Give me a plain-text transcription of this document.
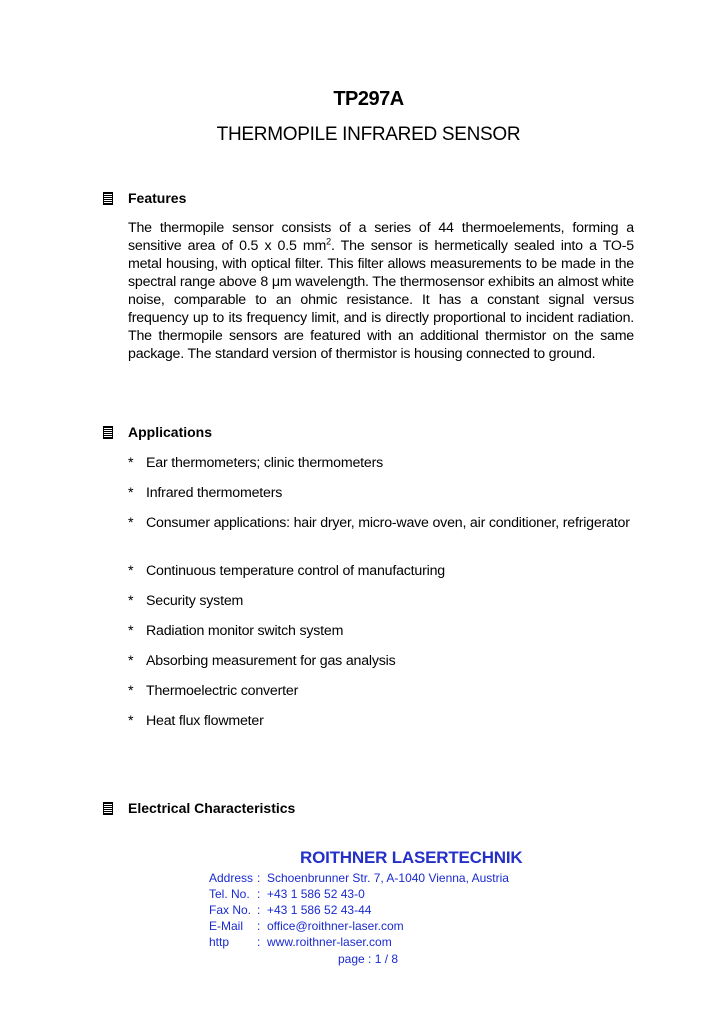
TP297A
THERMOPILE INFRARED SENSOR
Features
The thermopile sensor consists of a series of 44 thermoelements, forming a sensitive area of 0.5 x 0.5 $mm^2$. The sensor is hermetically sealed into a TO-5 metal housing, with optical filter. This filter allows measurements to be made in the spectral range above 8 μm wavelength. The thermosensor exhibits an almost white noise, comparable to an ohmic resistance. It has a constant signal versus frequency up to its frequency limit, and is directly proportional to incident radiation. The thermopile sensors are featured with an additional thermistor on the same package. The standard version of thermistor is housing connected to ground.
Applications
* Ear thermometers; clinic thermometers
* Infrared thermometers
* Consumer applications: hair dryer, micro-wave oven, air conditioner, refrigerator
* Continuous temperature control of manufacturing
* Security system
* Radiation monitor switch system
* Absorbing measurement for gas analysis
* Thermoelectric converter
* Heat flux flowmeter
Electrical Characteristics
ROITHNER LASERTECHNIK
Address : Schoenbrunner Str. 7, A-1040 Vienna, Austria
Tel. No. : +43 1 586 52 43-0
Fax No. : +43 1 586 52 43-44
E-Mail	: office@roithner-laser.com
http	: www.roithner-laser.com
page : 1 / 8
